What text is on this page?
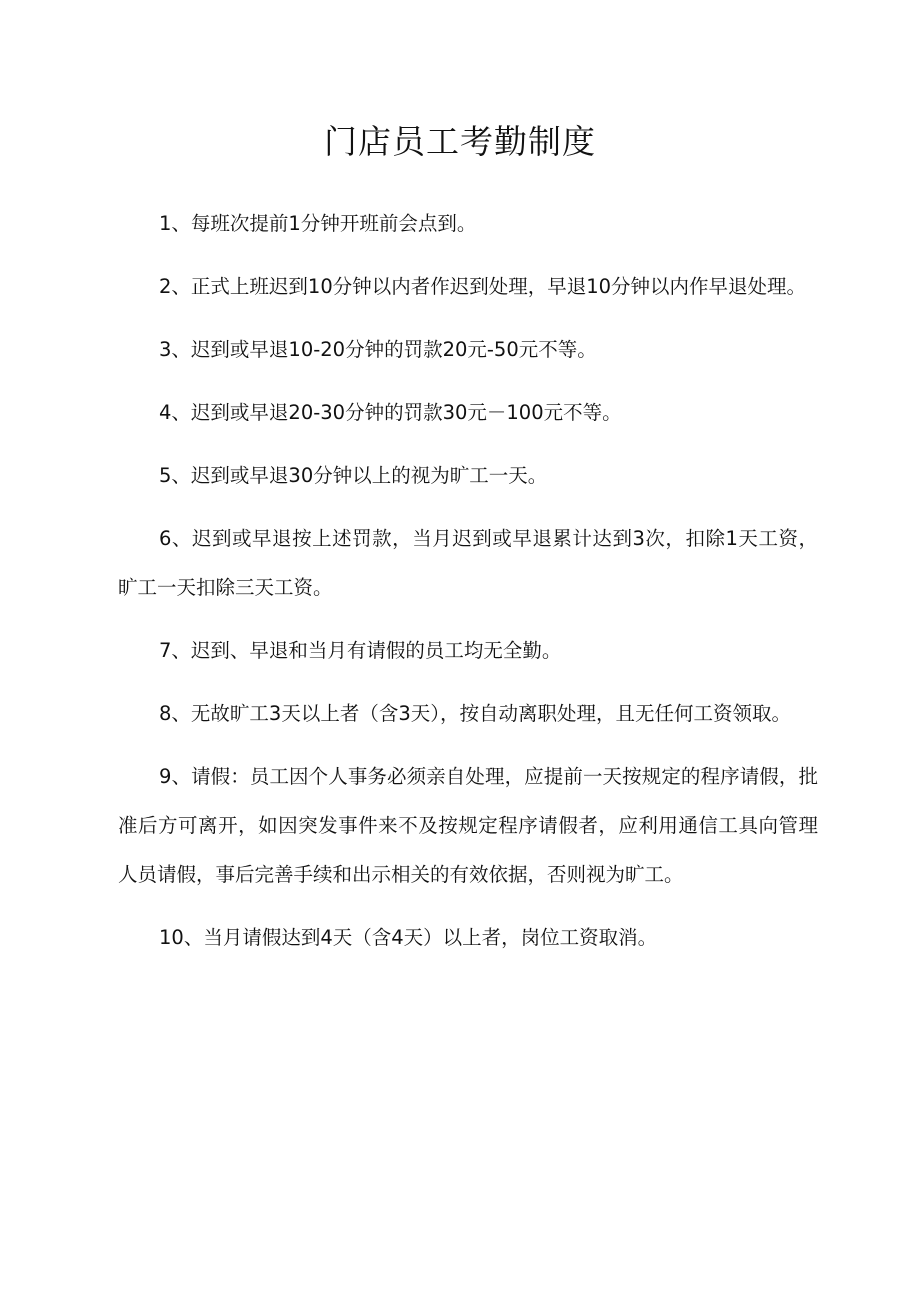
门店员工考勤制度

1、每班次提前1分钟开班前会点到。

2、正式上班迟到10分钟以内者作迟到处理，早退10分钟以内作早退处理。

3、迟到或早退10-20分钟的罚款20元-50元不等。

4、迟到或早退20-30分钟的罚款30元－100元不等。

5、迟到或早退30分钟以上的视为旷工一天。

6、迟到或早退按上述罚款，当月迟到或早退累计达到3次，扣除1天工资，旷工一天扣除三天工资。

7、迟到、早退和当月有请假的员工均无全勤。

8、无故旷工3天以上者（含3天），按自动离职处理，且无任何工资领取。

9、请假：员工因个人事务必须亲自处理，应提前一天按规定的程序请假，批准后方可离开，如因突发事件来不及按规定程序请假者，应利用通信工具向管理人员请假，事后完善手续和出示相关的有效依据，否则视为旷工。

10、当月请假达到4天（含4天）以上者，岗位工资取消。
